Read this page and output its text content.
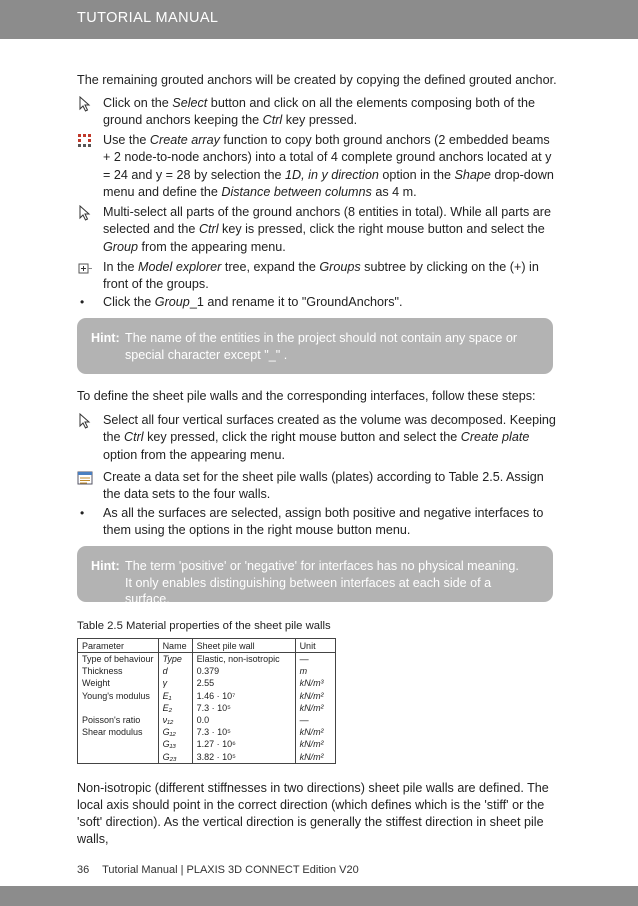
TUTORIAL MANUAL
The remaining grouted anchors will be created by copying the defined grouted anchor.
Click on the Select button and click on all the elements composing both of the ground anchors keeping the Ctrl key pressed.
Use the Create array function to copy both ground anchors (2 embedded beams + 2 node-to-node anchors) into a total of 4 complete ground anchors located at y = 24 and y = 28 by selection the 1D, in y direction option in the Shape drop-down menu and define the Distance between columns as 4 m.
Multi-select all parts of the ground anchors (8 entities in total). While all parts are selected and the Ctrl key is pressed, click the right mouse button and select the Group from the appearing menu.
In the Model explorer tree, expand the Groups subtree by clicking on the (+) in front of the groups.
• Click the Group_1 and rename it to "GroundAnchors".
Hint: The name of the entities in the project should not contain any space or special character except "_" .
To define the sheet pile walls and the corresponding interfaces, follow these steps:
Select all four vertical surfaces created as the volume was decomposed. Keeping the Ctrl key pressed, click the right mouse button and select the Create plate option from the appearing menu.
Create a data set for the sheet pile walls (plates) according to Table 2.5. Assign the data sets to the four walls.
• As all the surfaces are selected, assign both positive and negative interfaces to them using the options in the right mouse button menu.
Hint: The term 'positive' or 'negative' for interfaces has no physical meaning. It only enables distinguishing between interfaces at each side of a surface.
Table 2.5 Material properties of the sheet pile walls
Parameter	Name	Sheet pile wall	Unit
Type of behaviour	Type	Elastic, non-isotropic	—
Thickness	d	0.379	m
Weight	γ	2.55	kN/m³
Young's modulus	E₁	1.46 · 10⁷	kN/m²
	E₂	7.3 · 10⁵	kN/m²
Poisson's ratio	ν₁₂	0.0	—
Shear modulus	G₁₂	7.3 · 10⁵	kN/m²
	G₁₃	1.27 · 10⁶	kN/m²
	G₂₃	3.82 · 10⁵	kN/m²
Non-isotropic (different stiffnesses in two directions) sheet pile walls are defined. The local axis should point in the correct direction (which defines which is the 'stiff' or the 'soft' direction). As the vertical direction is generally the stiffest direction in sheet pile walls,
36 Tutorial Manual | PLAXIS 3D CONNECT Edition V20
